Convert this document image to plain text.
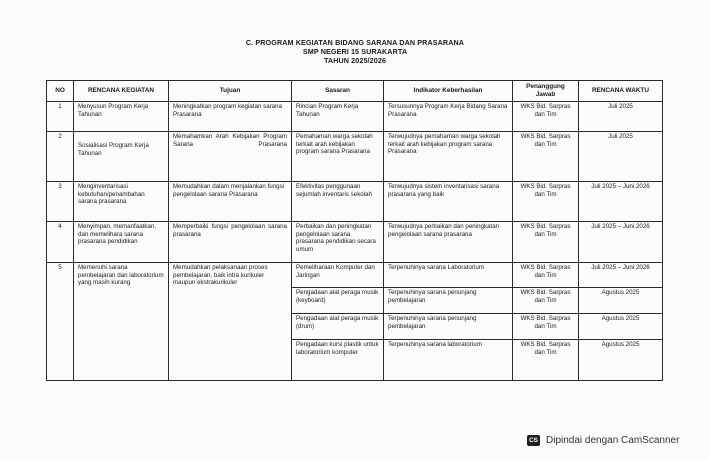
C. PROGRAM KEGIATAN BIDANG SARANA DAN PRASARANA
SMP NEGERI 15 SURAKARTA
TAHUN 2025/2026
NO	RENCANA KEGIATAN	Tujuan	Sasaran	Indikator Keberhasilan	Penanggung Jawab	RENCANA WAKTU
1	Menyusun Program Kerja Tahunan	Meningkatkan program kegiatan sarana Prasarana	Rincian Program Kerja Tahunan	Tersusunnya Program Kerja Bidang Sarana Prasarana	WKS Bid. Sarpras dan Tim	Juli 2025
2	Sosialisasi Program Kerja Tahunan	Memahamkan Arah Kebijakan Program Sarana Prasarana	Pemahaman warga sekolah terkait arah kebijakan program sarana Prasarana	Terwujudnya pemahaman warga sekolah terkait arah kebijakan program sarana Prasarana	WKS Bid. Sarpras dan Tim	Juli 2025
3	Menginventarisasi kebutuhan/penambahan sarana prasarana	Memudahkan dalam menjalankan fungsi pengelolaan sarana Prasarana	Efektivitas penggunaan sejumlah inventaris sekolah	Terwujudnya sistem inventarisasi sarana prasarana yang baik	WKS Bid. Sarpras dan Tim	Juli 2025 – Juni 2026
4	Menyimpan, memanfaatkan, dan memelihara sarana prasarana pendidikan	Memperbaiki fungsi pengelolaan sarana prasarana	Perbaikan dan peningkatan pengelolaan sarana prasarana pendidikan secara umum	Terwujudnya perbaikan dan peningkatan pengelolaan sarana prasarana	WKS Bid. Sarpras dan Tim	Juli 2025 – Juni 2026
5	Memenuhi sarana pembelajaran dan laboratorium yang masih kurang	Memudahkan pelaksanaan proses pembelajaran, baik intra kurikuler maupun ekstrakurikuler	Pemeliharaan Komputer dan Jaringan	Terpenuhinya sarana Laboratorium	WKS Bid. Sarpras dan Tim	Juli 2025 – Juni 2026
			Pengadaan alat peraga musik (keyboard)	Terpenuhinya sarana penunjang pembelajaran	WKS Bid. Sarpras dan Tim	Agustus 2025
			Pengadaan alat peraga musik (drum)	Terpenuhinya sarana penunjang pembelajaran	WKS Bid. Sarpras dan Tim	Agustus 2025
			Pengadaan kursi plastik untuk laboratorium komputer	Terpenuhinya sarana laboratorium	WKS Bid. Sarpras dan Tim	Agustus 2025
CS Dipindai dengan CamScanner
